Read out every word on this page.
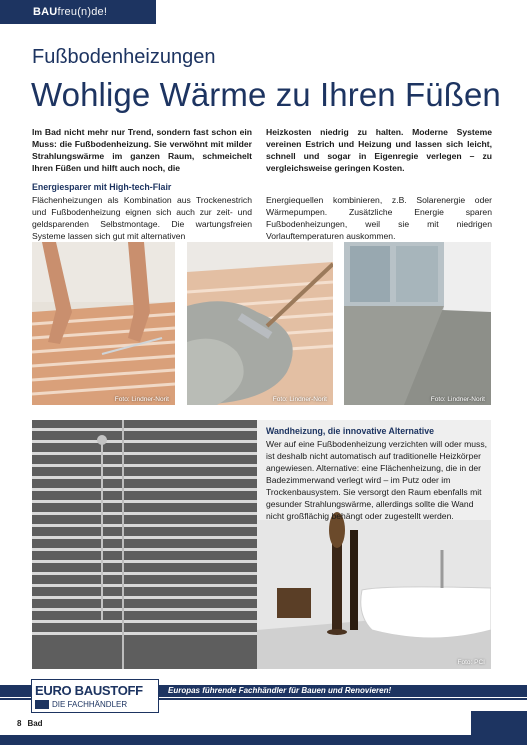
BAU freu(n)de!
Fußbodenheizungen
Wohlige Wärme zu Ihren Füßen

Im Bad nicht mehr nur Trend, sondern fast schon ein Muss: die Fußbodenheizung. Sie verwöhnt mit milder Strahlungswärme im ganzen Raum, schmeichelt Ihren Füßen und hilft auch noch, die

Heizkosten niedrig zu halten. Moderne Systeme vereinen Estrich und Heizung und lassen sich leicht, schnell und sogar in Eigenregie verlegen – zu vergleichsweise geringen Kosten.

Energiesparer mit High-tech-Flair

Flächenheizungen als Kombination aus Trockenestrich und Fußbodenheizung eignen sich auch zur zeit- und geldsparenden Selbstmontage. Die wartungsfreien Systeme lassen sich gut mit alternativen

Energiequellen kombinieren, z.B. Solarenergie oder Wärmepumpen. Zusätzliche Energie sparen Fußbodenheizungen, weil sie mit niedrigen Vorlauftemperaturen auskommen.

Foto: Lindner-Norit	Foto: Lindner-Norit	Foto: Lindner-Norit
Foto: PCI
Wandheizung, die innovative Alternative

Wer auf eine Fußbodenheizung verzichten will oder muss, ist deshalb nicht automatisch auf traditionelle Heizkörper angewiesen. Alternative: eine Flächenheizung, die in der Badezimmerwand verlegt wird – im Putz oder im Trockenbausystem. Sie versorgt den Raum ebenfalls mit gesunder Strahlungswärme, allerdings sollte die Wand nicht großflächig behängt oder zugestellt werden.

Europas führende Fachhändler für Bauen und Renovieren!
EURO BAUSTOFF
DIE FACHHÄNDLER
8 Bad
